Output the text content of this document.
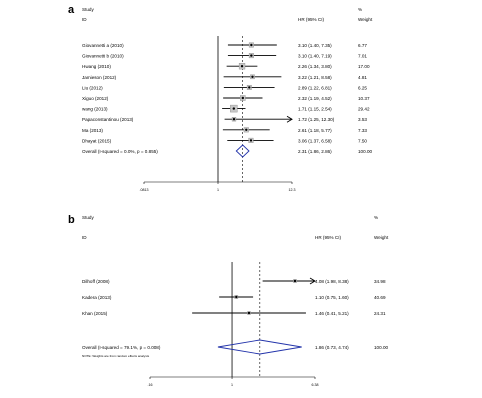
a
b
Study	%
ID	HR (95% CI)	Weight
.0813	1	12.3
Giovannetti a (2010)	3.10 (1.40, 7.35)	6.77
Giovannetti b (2010)	3.10 (1.40, 7.19)	7.01
Hwang (2010)	2.26 (1.34, 3.80)	17.00
Jamieson (2012)	3.22 (1.21, 8.58)	4.81
Liu (2012)	2.89 (1.22, 6.81)	6.25
Xiguo (2012)	2.32 (1.19, 4.52)	10.37
wang (2013)	1.71 (1.15, 2.54)	29.42
Papaconstantinou (2013)	1.72 (1.25, 12.30)	3.53
Ma (2013)	2.61 (1.18, 5.77)	7.33
Dhayat (2015)	3.06 (1.37, 6.58)	7.50
Overall (I-squared = 0.0%, p = 0.855)	2.31 (1.86, 2.86)	100.00
Study	%
ID	HR (95% CI)	Weight
.16	1	6.38
Dilhoff (2008)	4.08 (1.98, 8.38)	34.98
Kadera (2013)	1.10 (0.75, 1.60)	40.69
Khan (2015)	1.46 (0.41, 5.21)	24.31
Overall (I-squared = 79.1%, p = 0.008)	1.86 (0.73, 4.74)	100.00
NOTE: Weights are from random effects analysis
